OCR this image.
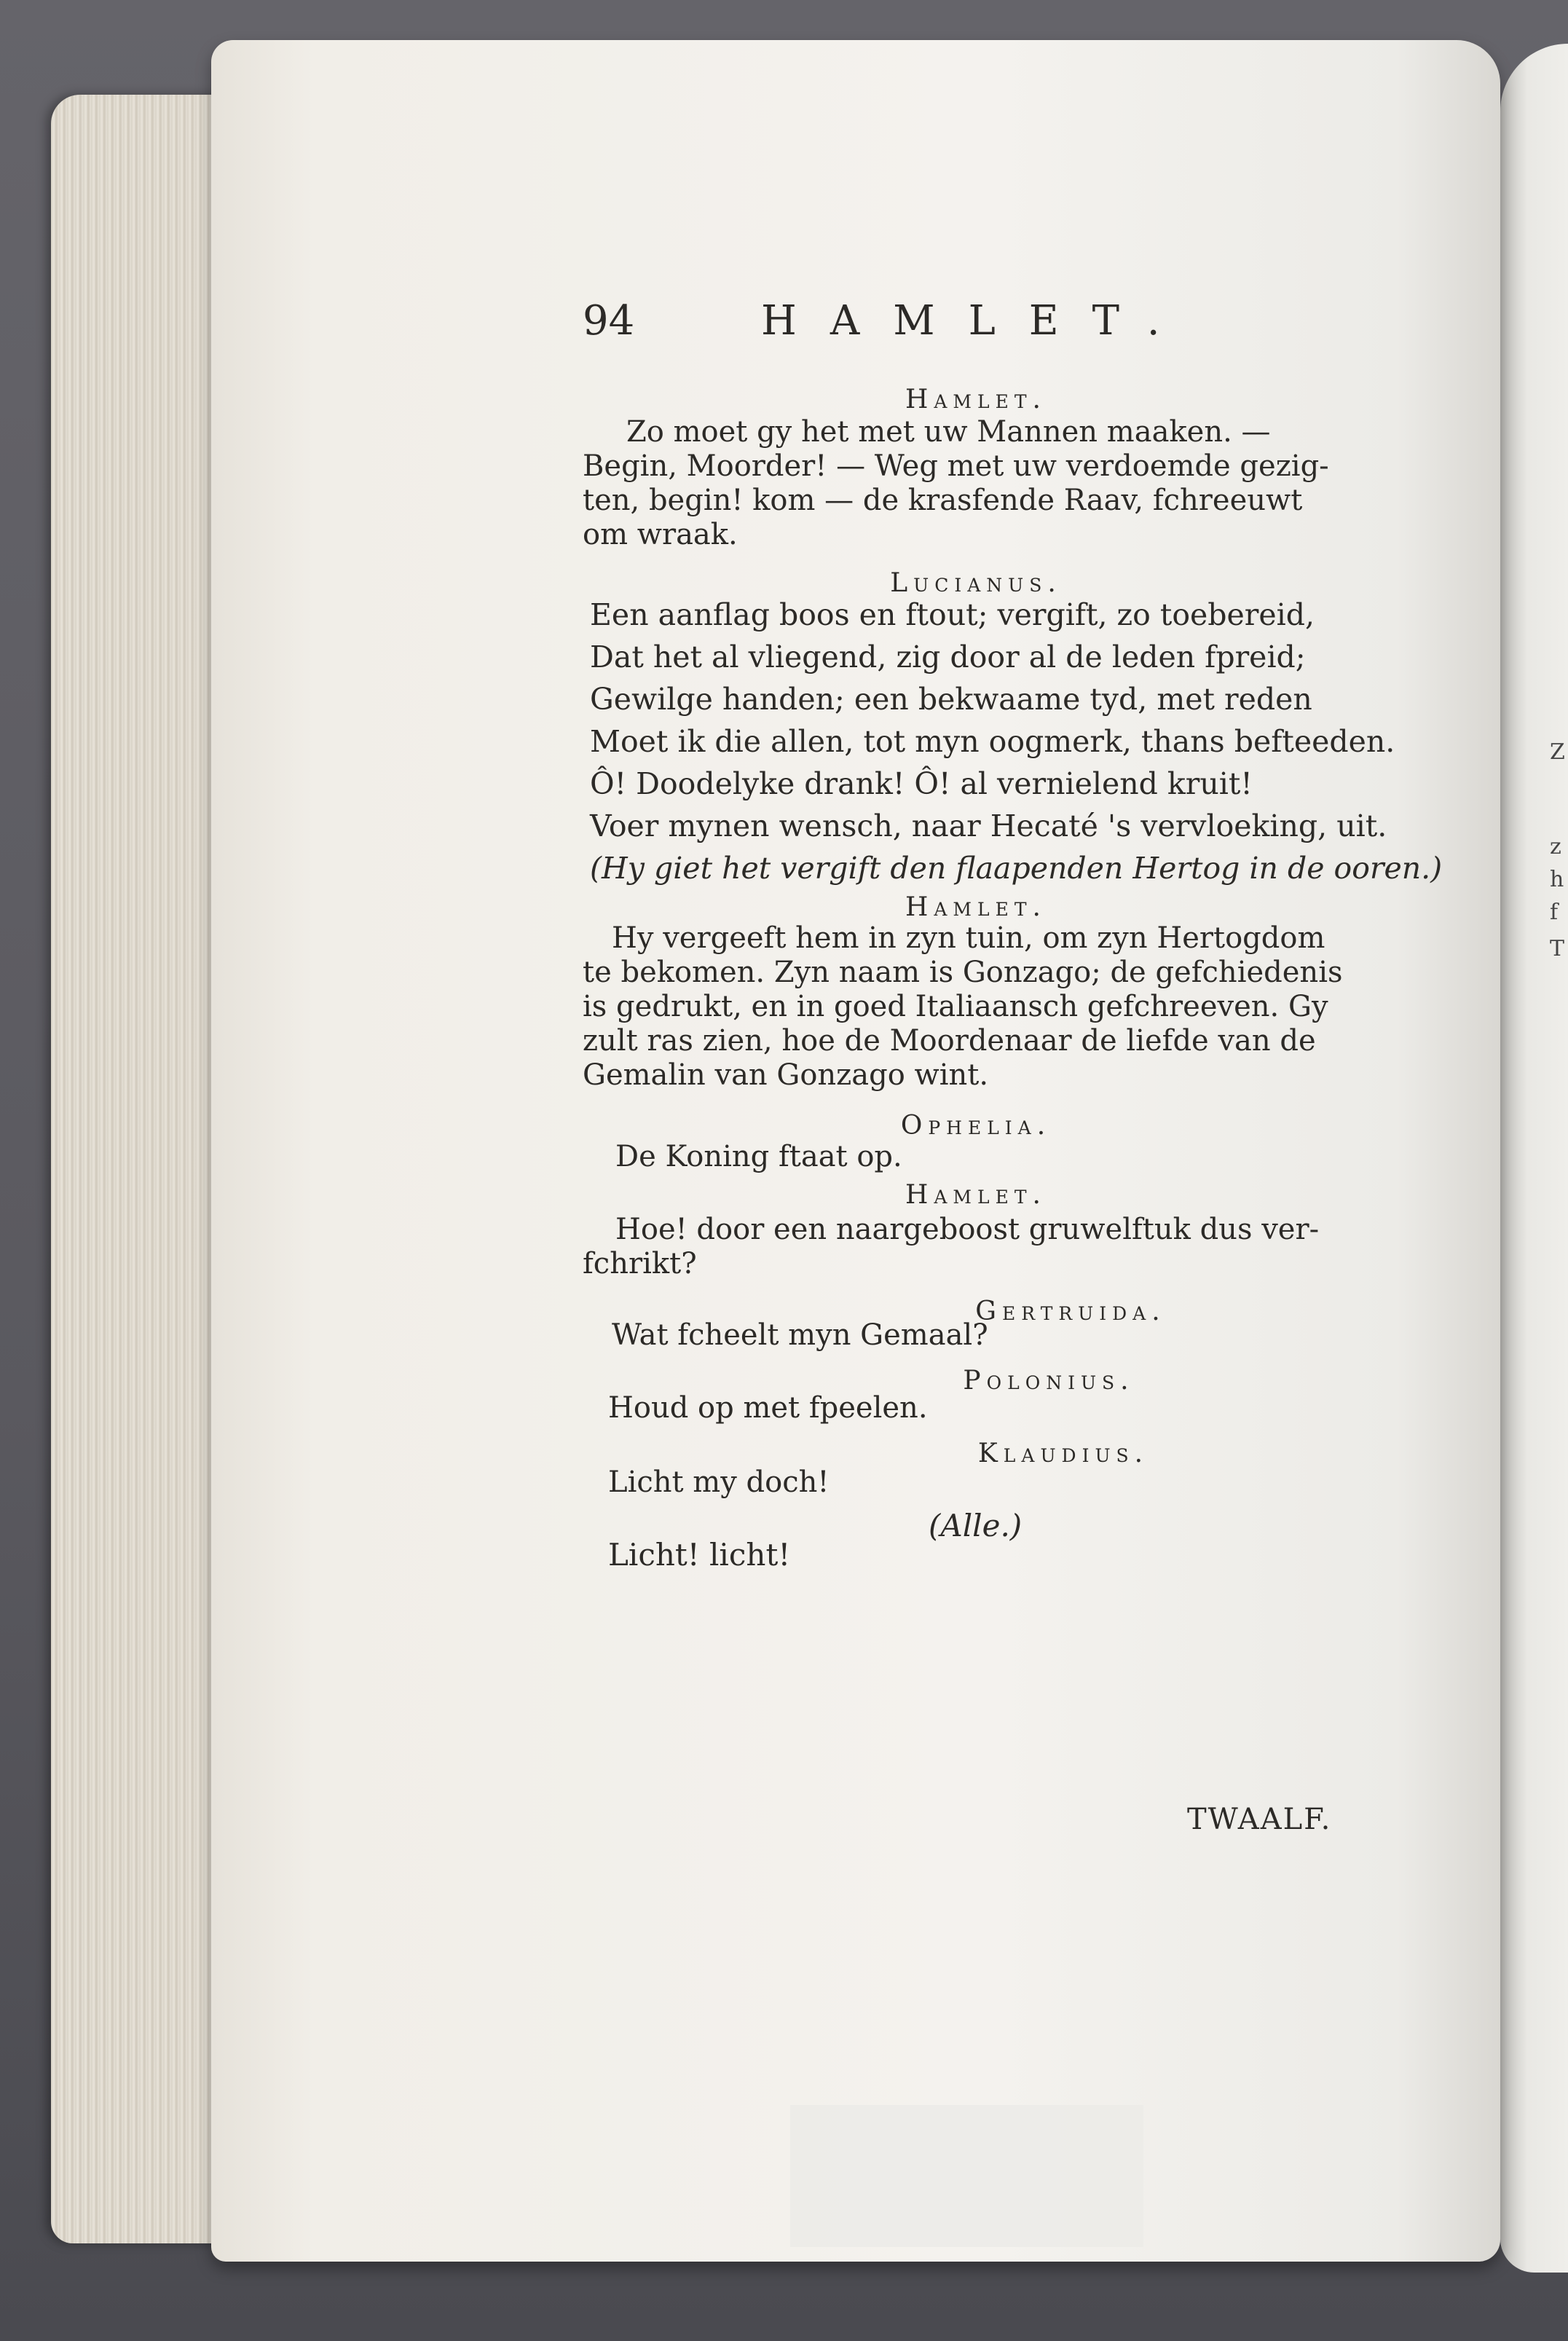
Z
z
h
f
T
94	HAMLET.
Hamlet.
Zo moet gy het met uw Mannen maaken. —
Begin, Moorder! — Weg met uw verdoemde gezig-
ten, begin! kom — de krasfende Raav, fchreeuwt
om wraak.
Lucianus.
Een aanflag boos en ftout; vergift, zo toebereid,
Dat het al vliegend, zig door al de leden fpreid;
Gewilge handen; een bekwaame tyd, met reden
Moet ik die allen, tot myn oogmerk, thans befteeden.
Ô! Doodelyke drank! Ô! al vernielend kruit!
Voer mynen wensch, naar Hecaté 's vervloeking, uit.
(Hy giet het vergift den flaapenden Hertog in de ooren.)
Hamlet.
Hy vergeeft hem in zyn tuin, om zyn Hertogdom
te bekomen. Zyn naam is Gonzago; de gefchiedenis
is gedrukt, en in goed Italiaansch gefchreeven. Gy
zult ras zien, hoe de Moordenaar de liefde van de
Gemalin van Gonzago wint.
Ophelia.
De Koning ftaat op.
Hamlet.
Hoe! door een naargeboost gruwelftuk dus ver-
fchrikt?
Gertruida.
Wat fcheelt myn Gemaal?
Polonius.
Houd op met fpeelen.
Klaudius.
Licht my doch!
(Alle.)
Licht! licht!
TWAALF.
